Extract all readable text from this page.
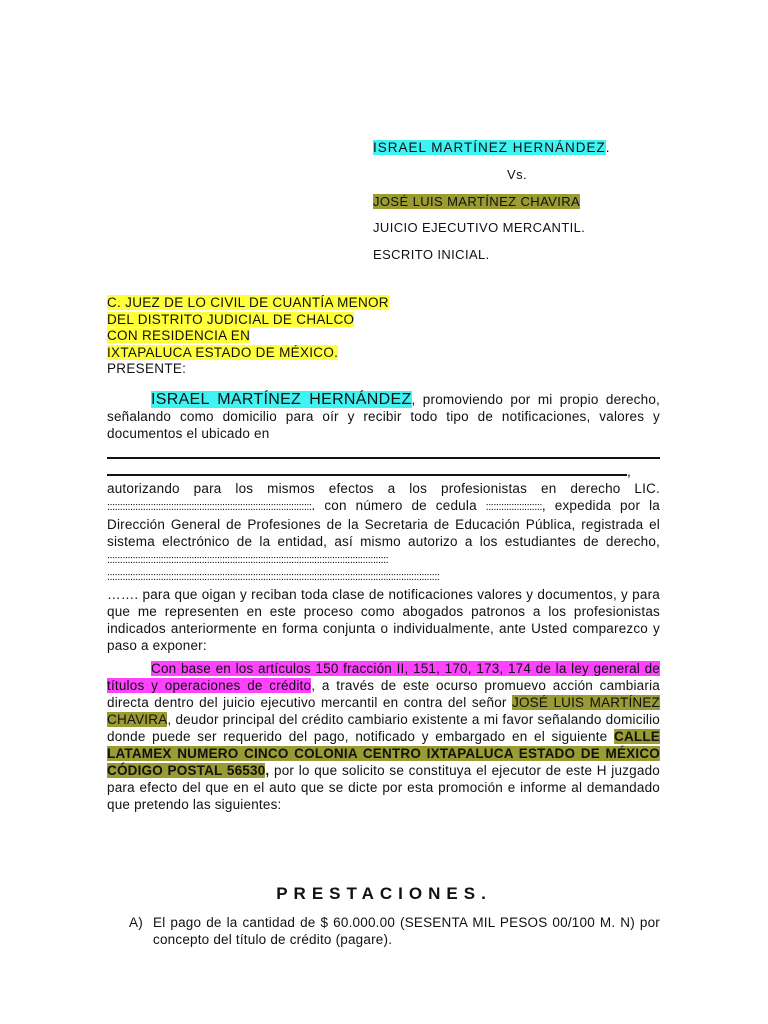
ISRAEL MARTÍNEZ HERNÁNDEZ.
Vs.
JOSÉ LUIS MARTÍNEZ CHAVIRA
JUICIO EJECUTIVO MERCANTIL.
ESCRITO INICIAL.
C. JUEZ DE LO CIVIL DE CUANTÍA MENOR
DEL DISTRITO JUDICIAL DE CHALCO
CON RESIDENCIA EN
IXTAPALUCA ESTADO DE MÉXICO.
PRESENTE:
ISRAEL MARTÍNEZ HERNÁNDEZ, promoviendo por mi propio derecho, señalando como domicilio para oír y recibir todo tipo de notificaciones, valores y documentos el ubicado en
, autorizando para los mismos efectos a los profesionistas en derecho LIC. ::::::::::::::::::::::::::::::::::::::::::::::::::::::::::::::::::::::::::::::::. con número de cedula ::::::::::::::::::::::, expedida por la Dirección General de Profesiones de la Secretaria de Educación Pública, registrada el sistema electrónico de la entidad, así mismo autorizo a los estudiantes de derecho, ::::::::::::::::::::::::::::::::::::::::::::::::::::::::::::::::::::::::::::::::::::::::::::::::::::::::::::::
::::::::::::::::::::::::::::::::::::::::::::::::::::::::::::::::::::::::::::::::::::::::::::::::::::::::::::::::::::::::::::::::::
……. para que oigan y reciban toda clase de notificaciones valores y documentos, y para que me representen en este proceso como abogados patronos a los profesionistas indicados anteriormente en forma conjunta o individualmente, ante Usted comparezco y paso a exponer:
Con base en los artículos 150 fracción II, 151, 170, 173, 174 de la ley general de títulos y operaciones de crédito, a través de este ocurso promuevo acción cambiaria directa dentro del juicio ejecutivo mercantil en contra del señor JOSÉ LUIS MARTÍNEZ CHAVIRA, deudor principal del crédito cambiario existente a mi favor señalando domicilio donde puede ser requerido del pago, notificado y embargado en el siguiente CALLE LATAMEX NUMERO CINCO COLONIA CENTRO IXTAPALUCA ESTADO DE MÉXICO CÓDIGO POSTAL 56530, por lo que solicito se constituya el ejecutor de este H juzgado para efecto del que en el auto que se dicte por esta promoción e informe al demandado que pretendo las siguientes:
PRESTACIONES.
A) El pago de la cantidad de $ 60.000.00 (SESENTA MIL PESOS 00/100 M. N) por concepto del título de crédito (pagare).
